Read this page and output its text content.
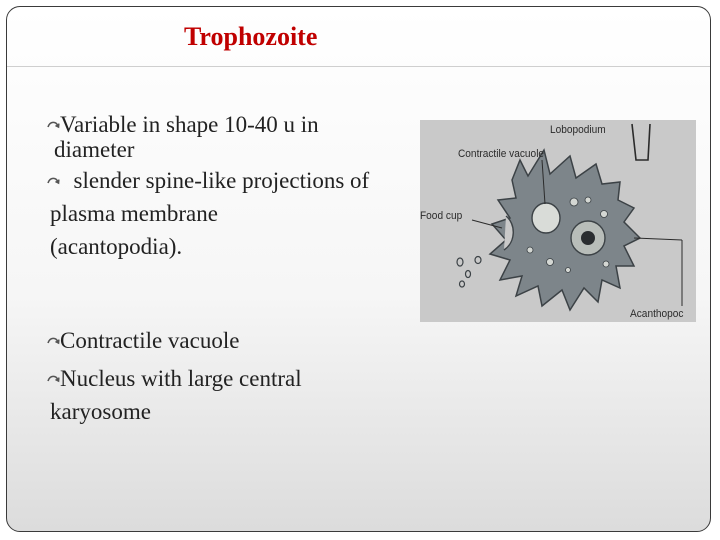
Trophozoite
Variable in shape 10-40 u in
diameter
slender spine-like projections of
plasma membrane
(acantopodia).
Contractile vacuole
Nucleus with large central
karyosome
Lobopodium
Contractile vacuole
Food cup
Acanthopoc
